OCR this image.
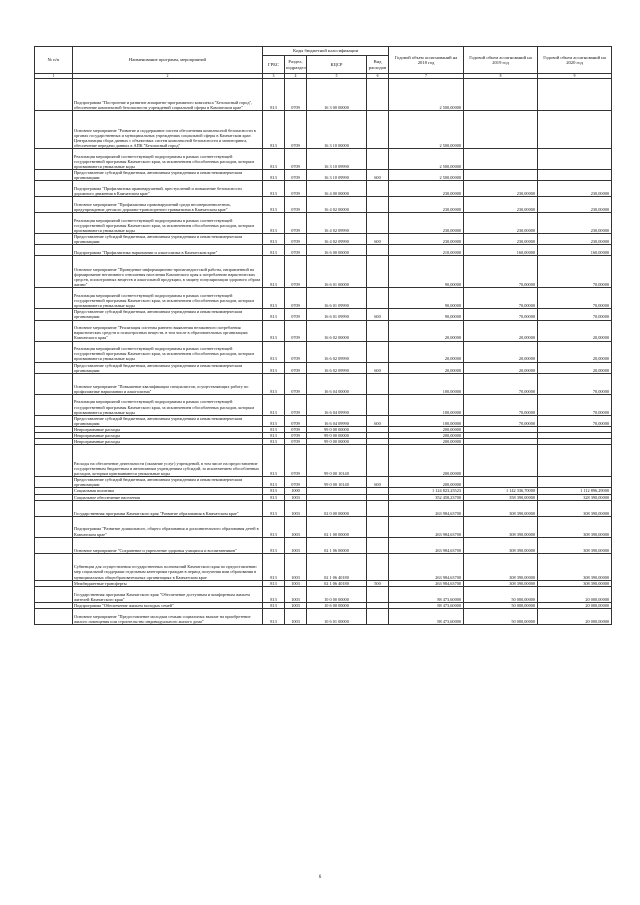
№ п/п	Наименование программ, мероприятий	Коды бюджетной классификации				Годовой объем ассигнований на 2018 год	Годовой объем ассигнований на 2019 год	Годовой объем ассигнований на 2020 год
		ГРБС	Раздел, подраздел	КЦСР	Вид расходов			
1	2	3	4	5	6	7	8	9
	Подпрограмма "Построение и развитие аппаратно-программного комплекса "Безопасный город", обеспечение комплексной безопасности учреждений социальной сферы в Камчатском крае"	813	0709	16 3 00 00000		2 500,00000		
	Основное мероприятие "Развитие и поддержание систем обеспечения комплексной безопасности в органах государственных и муниципальных учреждениях социальной сферы в Камчатском крае. Централизация сбора данных с объектовых систем комплексной безопасности и мониторинга, обеспечение передачи данных в АПК "Безопасный город"	813	0709	16 3 10 00000		2 500,00000		
	Реализация мероприятий соответствующей подпрограммы в рамках соответствующей государственной программы Камчатского края, за исключением обособленных расходов, которым присваиваются уникальные коды	813	0709	16 3 10 09990		2 500,00000		
	Предоставление субсидий бюджетным, автономным учреждениям и иным некоммерческим организациям	813	0709	16 3 10 09990	600	2 500,00000		
	Подпрограмма "Профилактика правонарушений, преступлений и повышение безопасности дорожного движения в Камчатском крае"	813	0709	16 4 00 00000		230,00000	230,00000	230,00000
	Основное мероприятие "Профилактика правонарушений среди несовершеннолетних, предупреждение детского дорожно-транспортного травматизма в Камчатском крае"	813	0709	16 4 02 00000		230,00000	230,00000	230,00000
	Реализация мероприятий соответствующей подпрограммы в рамках соответствующей государственной программы Камчатского края, за исключением обособленных расходов, которым присваиваются уникальные коды	813	0709	16 4 02 09990		230,00000	230,00000	230,00000
	Предоставление субсидий бюджетным, автономным учреждениям и иным некоммерческим организациям	813	0709	16 4 02 09990	600	230,00000	230,00000	230,00000
	Подпрограмма "Профилактика наркомании и алкоголизма в Камчатском крае"	813	0709	16 6 00 00000		210,00000	160,00000	160,00000
	Основное мероприятие "Проведение информационно-пропагандистской работы, направленной на формирование негативного отношения населения Камчатского края к потреблению наркотических средств, психотропных веществ и алкогольной продукции, в защиту популяризации здорового образа жизни"	813	0709	16 6 01 00000		90,00000	70,00000	70,00000
	Реализация мероприятий соответствующей подпрограммы в рамках соответствующей государственной программы Камчатского края, за исключением обособленных расходов, которым присваиваются уникальные коды	813	0709	16 6 01 09990		90,00000	70,00000	70,00000
	Предоставление субсидий бюджетным, автономным учреждениям и иным некоммерческим организациям	813	0709	16 6 01 09990	600	90,00000	70,00000	70,00000
	Основное мероприятие "Реализация системы раннего выявления незаконного потребления наркотических средств и психотропных веществ, в том числе в образовательных организациях Камчатского края"	813	0709	16 6 02 00000		20,00000	20,00000	20,00000
	Реализация мероприятий соответствующей подпрограммы в рамках соответствующей государственной программы Камчатского края, за исключением обособленных расходов, которым присваиваются уникальные коды	813	0709	16 6 02 09990		20,00000	20,00000	20,00000
	Предоставление субсидий бюджетным, автономным учреждениям и иным некоммерческим организациям	813	0709	16 6 02 09990	600	20,00000	20,00000	20,00000
	Основное мероприятие "Повышение квалификации специалистов, осуществляющих работу по профилактике наркомании и алкоголизма"	813	0709	16 6 04 00000		100,00000	70,00000	70,00000
	Реализация мероприятий соответствующей подпрограммы в рамках соответствующей государственной программы Камчатского края, за исключением обособленных расходов, которым присваиваются уникальные коды	813	0709	16 6 04 09990		100,00000	70,00000	70,00000
	Предоставление субсидий бюджетным, автономным учреждениям и иным некоммерческим организациям	813	0709	16 6 04 09990	600	100,00000	70,00000	70,00000
	Непрограммные расходы	813	0709	99 0 00 00000		200,00000		
	Непрограммные расходы	813	0709	99 0 00 00000		200,00000		
	Непрограммные расходы	813	0709	99 0 00 00000		200,00000		
	Расходы на обеспечение деятельности (оказание услуг) учреждений, в том числе на предоставление государственным бюджетным и автономным учреждениям субсидий, за исключением обособленных расходов, которым присваиваются уникальные коды	813	0709	99 0 00 10140		200,00000		
	Предоставление субсидий бюджетным, автономным учреждениям и иным некоммерческим организациям	813	0709	99 0 00 10140	600	200,00000		
	Социальная политика	813	1000			1 124 823,25523	1 142 336,70000	1 112 896,29000
	Социальное обеспечение населения	813	1003			352 458,23700	358 390,00000	328 390,00000
	Государственная программа Камчатского края "Развитие образования в Камчатском крае"	813	1003	02 0 00 00000		263 984,63700	308 390,00000	308 390,00000
	Подпрограмма "Развитие дошкольного, общего образования и дополнительного образования детей в Камчатском крае"	813	1003	02 1 00 00000		263 984,63700	308 390,00000	308 390,00000
	Основное мероприятие "Сохранение и укрепление здоровья учащихся и воспитанников"	813	1003	02 1 06 00000		263 984,63700	308 390,00000	308 390,00000
	Субвенции для осуществления государственных полномочий Камчатского края по предоставлению мер социальной поддержки отдельным категориям граждан в период получения ими образования в муниципальных общеобразовательных организациях в Камчатском крае	813	1003	02 1 06 40180		263 984,63700	308 390,00000	308 390,00000
	Межбюджетные трансферты	813	1003	02 1 06 40180	500	263 984,63700	308 390,00000	308 390,00000
	Государственная программа Камчатского края "Обеспечение доступным и комфортным жильем жителей Камчатского края"	813	1003	10 0 00 00000		88 473,60000	50 000,00000	20 000,00000
	Подпрограмма "Обеспечение жильем молодых семей"	813	1003	10 6 00 00000		88 473,60000	50 000,00000	20 000,00000
	Основное мероприятие "Предоставление молодым семьям социальных выплат на приобретение жилого помещения или строительство индивидуального жилого дома"	813	1003	10 6 01 00000		88 473,60000	50 000,00000	20 000,00000
6
